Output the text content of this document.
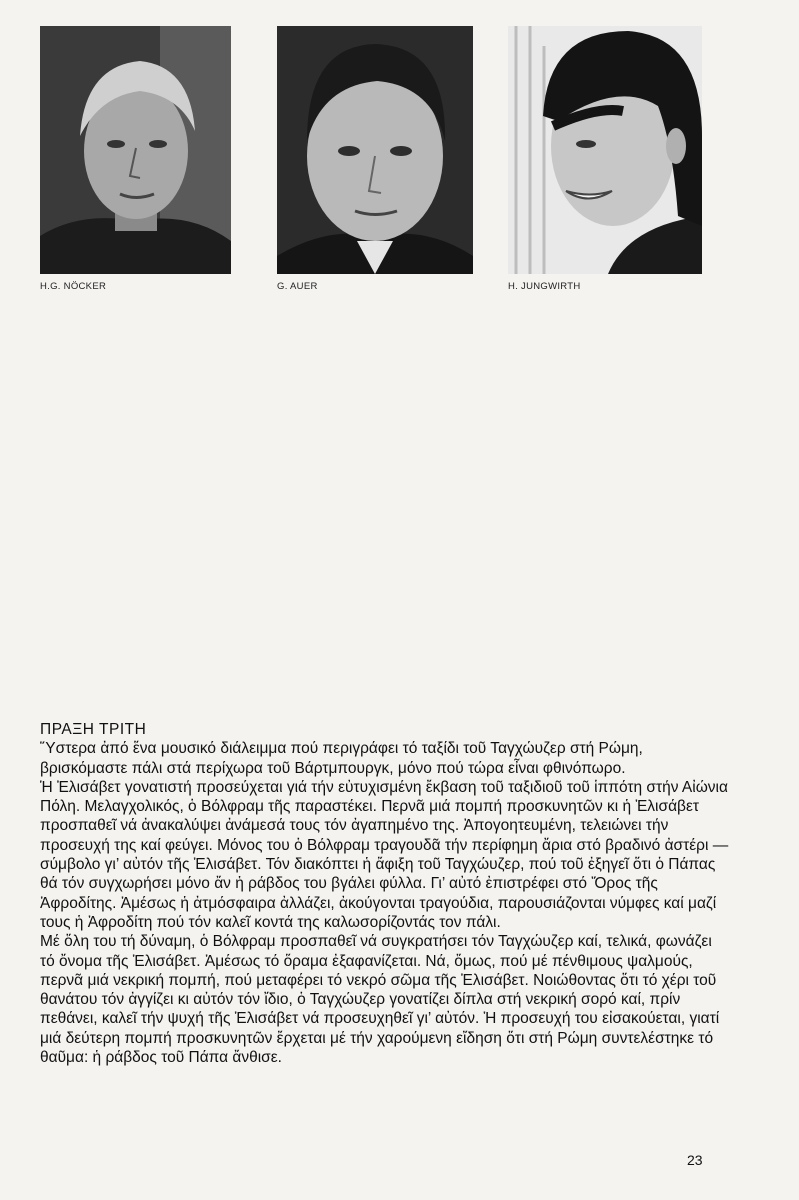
H.G. NÖCKER	G. AUER	H. JUNGWIRTH

ΠΡΑΞΗ ΤΡΙΤΗ

Ὕστερα ἀπό ἕνα μουσικό διάλειμμα πού περιγράφει τό ταξίδι τοῦ Ταγχώυζερ στή Ρώμη, βρισκόμαστε πάλι στά περίχωρα τοῦ Βάρτμπουργκ, μόνο πού τώρα εἶναι φθινόπωρο.

Ἡ Ἐλισάβετ γονατιστή προσεύχεται γιά τήν εὐτυχισμένη ἔκβαση τοῦ ταξιδιοῦ τοῦ ἱππότη στήν Αἰώνια Πόλη. Μελαγχολικός, ὁ Βόλφραμ τῆς παραστέκει. Περνᾶ μιά πομπή προσκυνητῶν κι ἡ Ἐλισάβετ προσπαθεῖ νά ἀνακαλύψει ἀνάμεσά τους τόν ἀγαπημένο της. Ἀπογοητευμένη, τελειώνει τήν προσευχή της καί φεύγει. Μόνος του ὁ Βόλφραμ τραγουδᾶ τήν περίφημη ἄρια στό βραδινό ἀστέρι — σύμβολο γι’ αὐτόν τῆς Ἐλισάβετ. Τόν διακόπτει ἡ ἄφιξη τοῦ Ταγχώυζερ, πού τοῦ ἐξηγεῖ ὅτι ὁ Πάπας θά τόν συγχωρήσει μόνο ἄν ἡ ράβδος του βγάλει φύλλα. Γι’ αὐτό ἐπιστρέφει στό Ὄρος τῆς Ἀφροδίτης. Ἀμέσως ἡ ἀτμόσφαιρα ἀλλάζει, ἀκούγονται τραγούδια, παρουσιάζονται νύμφες καί μαζί τους ἡ Ἀφροδίτη πού τόν καλεῖ κοντά της καλωσορίζοντάς τον πάλι.

Μέ ὅλη του τή δύναμη, ὁ Βόλφραμ προσπαθεῖ νά συγκρατήσει τόν Ταγχώυζερ καί, τελικά, φωνάζει τό ὄνομα τῆς Ἐλισάβετ. Ἀμέσως τό ὅραμα ἐξαφανίζεται. Νά, ὅμως, πού μέ πένθιμους ψαλμούς, περνᾶ μιά νεκρική πομπή, πού μεταφέρει τό νεκρό σῶμα τῆς Ἐλισάβετ. Νοιώθοντας ὅτι τό χέρι τοῦ θανάτου τόν ἀγγίζει κι αὐτόν τόν ἴδιο, ὁ Ταγχώυζερ γονατίζει δίπλα στή νεκρική σορό καί, πρίν πεθάνει, καλεῖ τήν ψυχή τῆς Ἐλισάβετ νά προσευχηθεῖ γι’ αὐτόν. Ἡ προσευχή του εἰσακούεται, γιατί μιά δεύτερη πομπή προσκυνητῶν ἔρχεται μέ τήν χαρούμενη εἴδηση ὅτι στή Ρώμη συντελέστηκε τό θαῦμα: ἡ ράβδος τοῦ Πάπα ἄνθισε.

23
